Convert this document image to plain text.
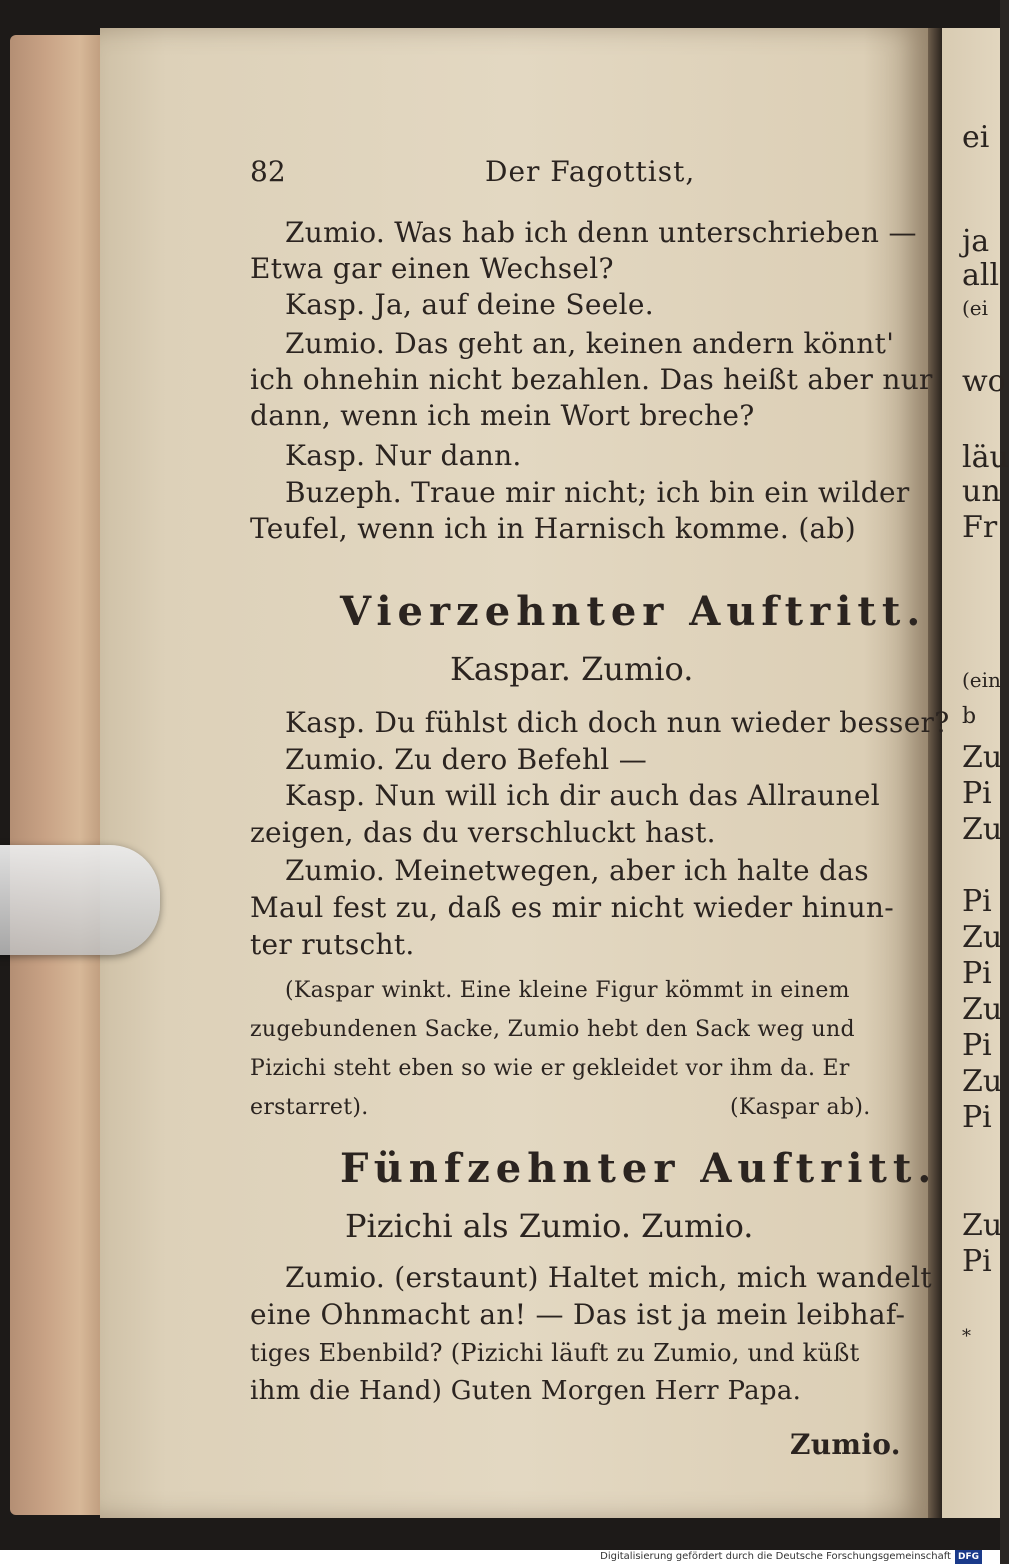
ei
ja
all
(ei
wo
läu
un
Fr
(ein
b
Zu
Pi
Zu
Pi
Zu
Pi
Zu
Pi
Zu
Pi
Zu
Pi
*
82	Der Fagottist,
Zumio. Was hab ich denn unterschrieben —
Etwa gar einen Wechsel?
Kasp. Ja, auf deine Seele.
Zumio. Das geht an, keinen andern könnt'
ich ohnehin nicht bezahlen. Das heißt aber nur
dann, wenn ich mein Wort breche?
Kasp. Nur dann.
Buzeph. Traue mir nicht; ich bin ein wilder
Teufel, wenn ich in Harnisch komme. (ab)
Vierzehnter Auftritt.
Kaspar. Zumio.
Kasp. Du fühlst dich doch nun wieder besser?
Zumio. Zu dero Befehl —
Kasp. Nun will ich dir auch das Allraunel
zeigen, das du verschluckt hast.
Zumio. Meinetwegen, aber ich halte das
Maul fest zu, daß es mir nicht wieder hinun-
ter rutscht.
(Kaspar winkt. Eine kleine Figur kömmt in einem
zugebundenen Sacke, Zumio hebt den Sack weg und
Pizichi steht eben so wie er gekleidet vor ihm da. Er
erstarret).	(Kaspar ab).
Fünfzehnter Auftritt.
Pizichi als Zumio. Zumio.
Zumio. (erstaunt) Haltet mich, mich wandelt
eine Ohnmacht an! — Das ist ja mein leibhaf-
tiges Ebenbild? (Pizichi läuft zu Zumio, und küßt
ihm die Hand) Guten Morgen Herr Papa.
Zumio.
Digitalisierung gefördert durch die Deutsche Forschungsgemeinschaft DFG
